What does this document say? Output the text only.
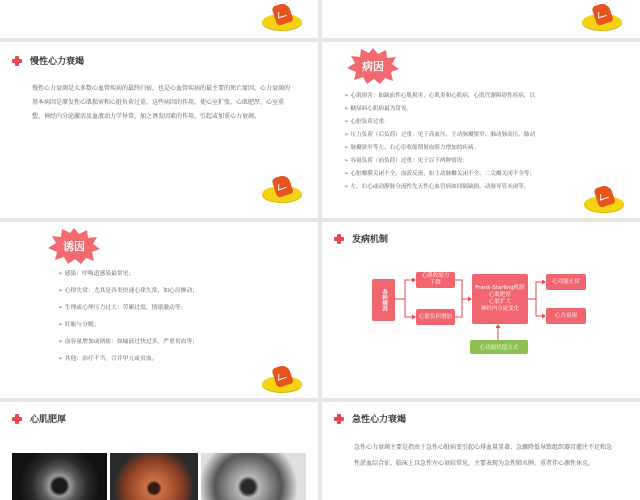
慢性心力衰竭
慢性心力衰竭是大多数心血管疾病的最终归宿，也是心血管疾病的最主要的死亡原因。心力衰竭的基本病因是原发性心肌损害和心脏负荷过重，这些病因的作用，使心室扩张、心肌肥厚、心室重塑、神经内分泌激活及血液动力学异常，加之诱发因素的作用，引起或加重心力衰竭。
病因
➢ 心肌损害：如缺血性心肌损害，心肌炎和心肌病，心肌代谢障碍性疾病，以
➢ 糖尿病心肌病最为常见。
➢ 心脏负荷过重：
➢ 压力负荷（后负荷）过重：见于高血压、主动脉瓣狭窄、肺动脉高压、肺动
➢ 脉瓣狭窄等左、右心室收缩期射血阻力增加的疾病。
➢ 容量负荷（前负荷）过重：见于以下两种情况：
➢ 心脏瓣膜关闭不全，血液反流，如主动脉瓣关闭不全、二尖瓣关闭不全等；
➢ 左、右心或动静脉分流性先天性心血管病如间隔缺损、动脉导管未闭等。
诱因
➢ 感染：呼吸道感染最常见；
➢ 心律失常：尤其是各类快速心律失常，如心房颤动；
➢ 生理或心理压力过大：劳累过度，情绪激动等；
➢ 妊娠与分娩；
➢ 血容量增加或钠盐：如输液过快过多，严重贫血等；
➢ 其他：治疗不当，合并甲亢或贫血。
发病机制
各种病因
心肌收缩力下降
心脏负担增加
Frank-Starling机制
心肌肥厚
心脏扩大
神经内分泌变化
心功能正常
心力衰竭
心功能代偿方式
心肌肥厚	急性心力衰竭
急性心力衰竭主要是指由于急性心脏病变引起心排血量显著、急骤降低导致组织器官灌注不足和急性淤血综合征。临床上以急性左心衰较常见，主要表现为急性肺水肿，重者伴心源性休克。
